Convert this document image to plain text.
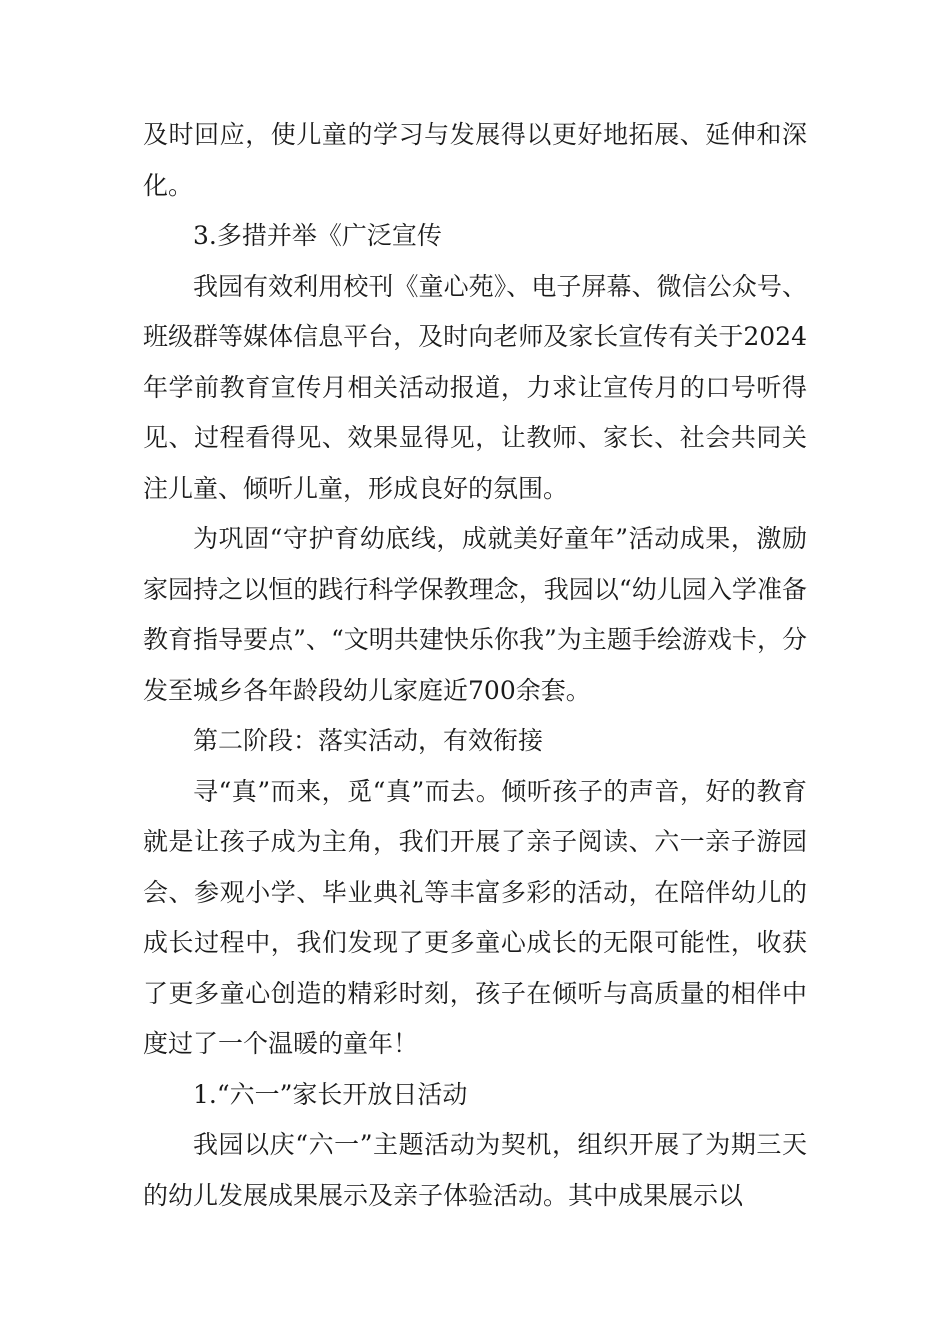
及时回应，使儿童的学习与发展得以更好地拓展、延伸和深化。

3.多措并举《广泛宣传

我园有效利用校刊《童心苑》、电子屏幕、微信公众号、班级群等媒体信息平台，及时向老师及家长宣传有关于2024年学前教育宣传月相关活动报道，力求让宣传月的口号听得见、过程看得见、效果显得见，让教师、家长、社会共同关注儿童、倾听儿童，形成良好的氛围。

为巩固“守护育幼底线，成就美好童年”活动成果，激励家园持之以恒的践行科学保教理念，我园以“幼儿园入学准备教育指导要点”、“文明共建快乐你我”为主题手绘游戏卡，分发至城乡各年龄段幼儿家庭近700余套。

第二阶段：落实活动，有效衔接

寻“真”而来，觅“真”而去。倾听孩子的声音，好的教育就是让孩子成为主角，我们开展了亲子阅读、六一亲子游园会、参观小学、毕业典礼等丰富多彩的活动，在陪伴幼儿的成长过程中，我们发现了更多童心成长的无限可能性，收获了更多童心创造的精彩时刻，孩子在倾听与高质量的相伴中度过了一个温暖的童年！

1.“六一”家长开放日活动

我园以庆“六一”主题活动为契机，组织开展了为期三天的幼儿发展成果展示及亲子体验活动。其中成果展示以
